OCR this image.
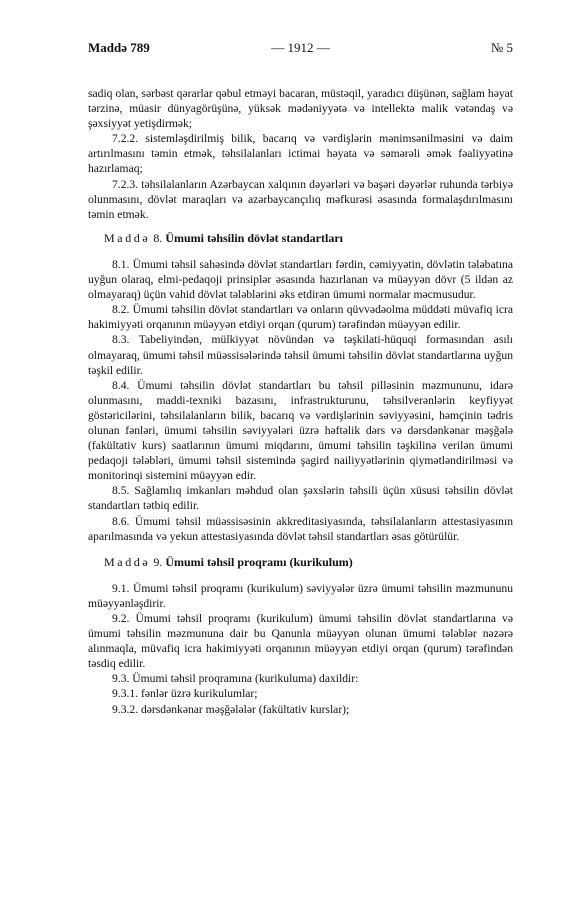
Maddə 789	— 1912 —	№ 5

sadiq olan, sərbəst qərarlar qəbul etməyi bacaran, müstəqil, yaradıcı düşünən, sağlam həyat tərzinə, müasir dünyagörüşünə, yüksək mədəniyyətə və intellektə malik vətəndaş və şəxsiyyət yetişdirmək;

7.2.2. sistemləşdirilmiş bilik, bacarıq və vərdişlərin mənimsənilməsini və daim artırılmasını təmin etmək, təhsilalanları ictimai həyata və səmərəli əmək fəaliyyətinə hazırlamaq;

7.2.3. təhsilalanların Azərbaycan xalqının dəyərləri və bəşəri dəyərlər ruhunda tərbiyə olunmasını, dövlət maraqları və azərbaycançılıq məfkurəsi əsasında formalaşdırılmasını təmin etmək.

Maddə 8. Ümumi təhsilin dövlət standartları

8.1. Ümumi təhsil sahəsində dövlət standartları fərdin, cəmiyyətin, dövlətin tələbatına uyğun olaraq, elmi-pedaqoji prinsiplər əsasında hazırlanan və müəyyən dövr (5 ildən az olmayaraq) üçün vahid dövlət tələblərini əks etdirən ümumi normalar məcmusudur.

8.2. Ümumi təhsilin dövlət standartları və onların qüvvədəolma müddəti müvafiq icra hakimiyyəti orqanının müəyyən etdiyi orqan (qurum) tərəfindən müəyyən edilir.

8.3. Tabeliyindən, mülkiyyət növündən və təşkilati-hüquqi formasından asılı olmayaraq, ümumi təhsil müəssisələrində təhsil ümumi təhsilin dövlət standartlarına uyğun təşkil edilir.

8.4. Ümumi təhsilin dövlət standartları bu təhsil pilləsinin məzmununu, idarə olunmasını, maddi-texniki bazasını, infrastrukturunu, təhsilverənlərin keyfiyyət göstəricilərini, təhsilalanların bilik, bacarıq və vərdişlərinin səviyyəsini, həmçinin tədris olunan fənləri, ümumi təhsilin səviyyələri üzrə həftəlik dərs və dərsdənkənar məşğələ (fakültativ kurs) saatlarının ümumi miqdarını, ümumi təhsilin təşkilinə verilən ümumi pedaqoji tələbləri, ümumi təhsil sistemində şagird nailiyyətlərinin qiymətləndirilməsi və monitorinqi sistemini müəyyən edir.

8.5. Sağlamlıq imkanları məhdud olan şəxslərin təhsili üçün xüsusi təhsilin dövlət standartları tətbiq edilir.

8.6. Ümumi təhsil müəssisəsinin akkreditasiyasında, təhsilalanların attestasiyasının aparılmasında və yekun attestasiyasında dövlət təhsil standartları əsas götürülür.

Maddə 9. Ümumi təhsil proqramı (kurikulum)

9.1. Ümumi təhsil proqramı (kurikulum) səviyyələr üzrə ümumi təhsilin məzmununu müəyyənləşdirir.

9.2. Ümumi təhsil proqramı (kurikulum) ümumi təhsilin dövlət standartlarına və ümumi təhsilin məzmununa dair bu Qanunla müəyyən olunan ümumi tələblər nəzərə alınmaqla, müvafiq icra hakimiyyəti orqanının müəyyən etdiyi orqan (qurum) tərəfindən təsdiq edilir.

9.3. Ümumi təhsil proqramına (kurikuluma) daxildir:

9.3.1. fənlər üzrə kurikulumlar;

9.3.2. dərsdənkənar məşğələlər (fakültativ kurslar);
